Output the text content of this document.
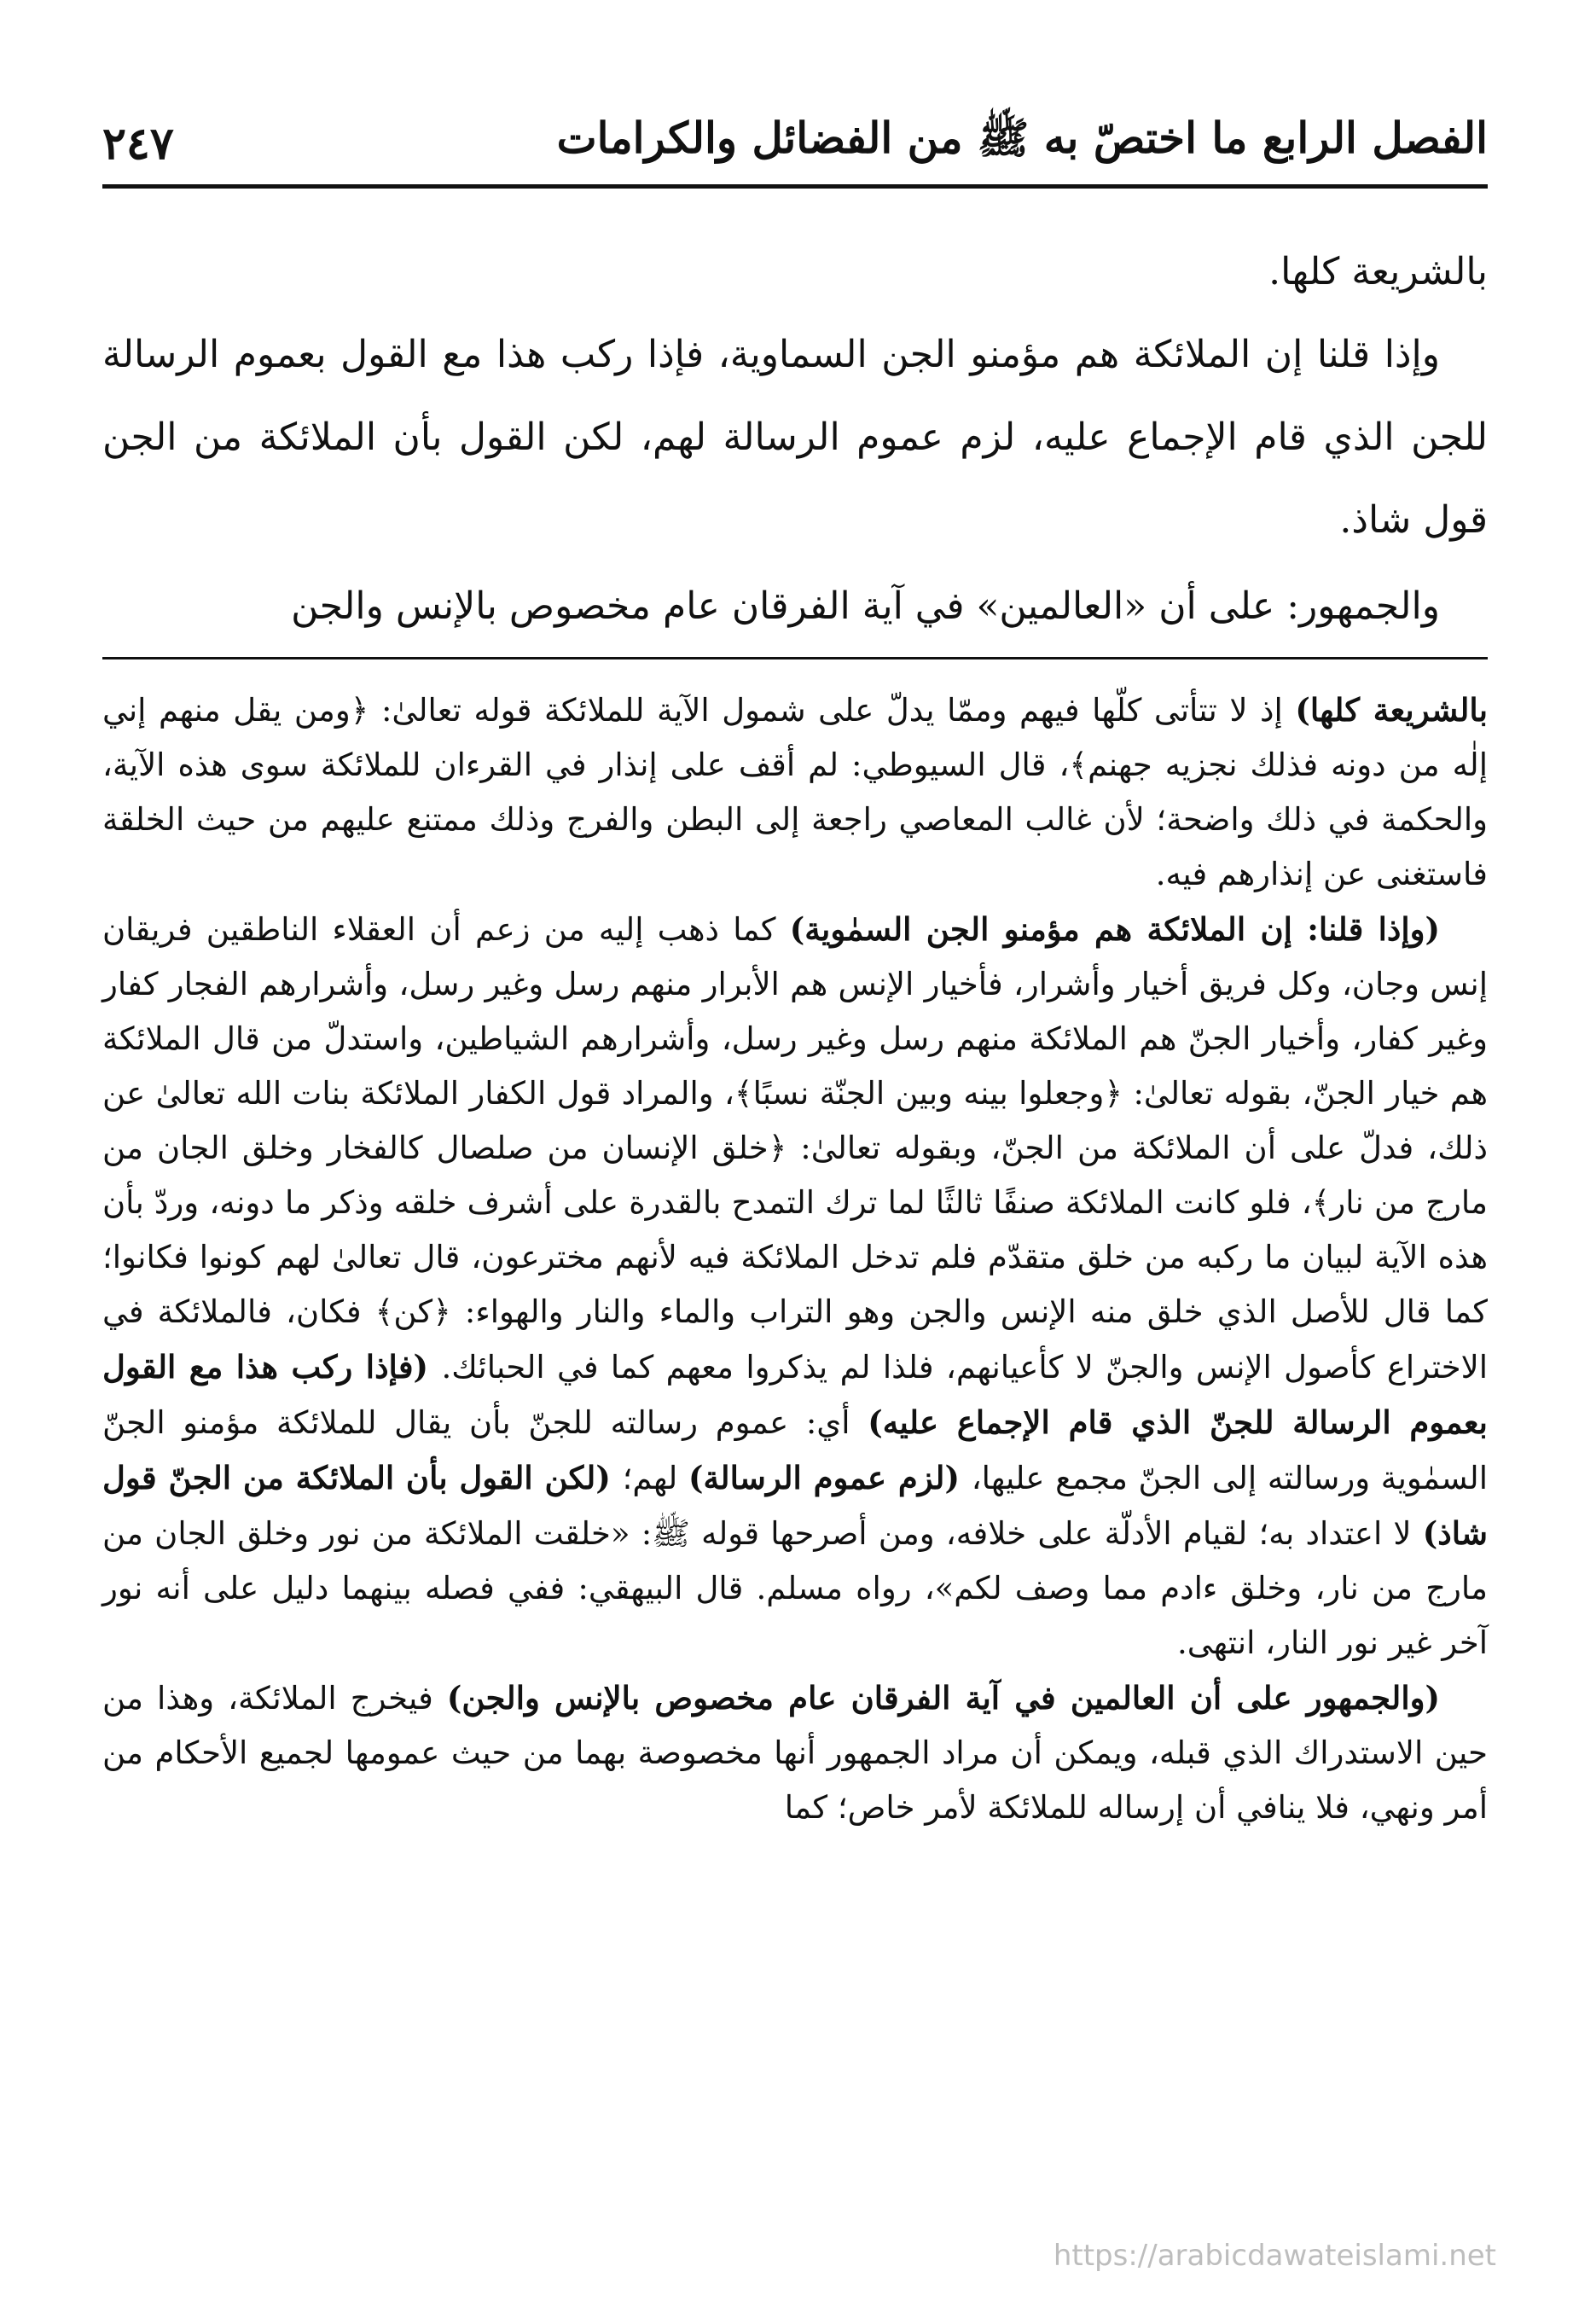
الفصل الرابع ما اختصّ به ﷺ من الفضائل والكرامات
٢٤٧

بالشريعة كلها.

وإذا قلنا إن الملائكة هم مؤمنو الجن السماوية، فإذا ركب هذا مع القول بعموم الرسالة للجن الذي قام الإجماع عليه، لزم عموم الرسالة لهم، لكن القول بأن الملائكة من الجن قول شاذ.

والجمهور: على أن «العالمين» في آية الفرقان عام مخصوص بالإنس والجن

بالشريعة كلها) إذ لا تتأتى كلّها فيهم وممّا يدلّ على شمول الآية للملائكة قوله تعالىٰ: ﴿ومن يقل منهم إني إلٰه من دونه فذلك نجزيه جهنم﴾، قال السيوطي: لم أقف على إنذار في القرءان للملائكة سوى هذه الآية، والحكمة في ذلك واضحة؛ لأن غالب المعاصي راجعة إلى البطن والفرج وذلك ممتنع عليهم من حيث الخلقة فاستغنى عن إنذارهم فيه.

(وإذا قلنا: إن الملائكة هم مؤمنو الجن السمٰوية) كما ذهب إليه من زعم أن العقلاء الناطقين فريقان إنس وجان، وكل فريق أخيار وأشرار، فأخيار الإنس هم الأبرار منهم رسل وغير رسل، وأشرارهم الفجار كفار وغير كفار، وأخيار الجنّ هم الملائكة منهم رسل وغير رسل، وأشرارهم الشياطين، واستدلّ من قال الملائكة هم خيار الجنّ، بقوله تعالىٰ: ﴿وجعلوا بينه وبين الجنّة نسبًا﴾، والمراد قول الكفار الملائكة بنات الله تعالىٰ عن ذلك، فدلّ على أن الملائكة من الجنّ، وبقوله تعالىٰ: ﴿خلق الإنسان من صلصال كالفخار وخلق الجان من مارج من نار﴾، فلو كانت الملائكة صنفًا ثالثًا لما ترك التمدح بالقدرة على أشرف خلقه وذكر ما دونه، وردّ بأن هذه الآية لبيان ما ركبه من خلق متقدّم فلم تدخل الملائكة فيه لأنهم مخترعون، قال تعالىٰ لهم كونوا فكانوا؛ كما قال للأصل الذي خلق منه الإنس والجن وهو التراب والماء والنار والهواء: ﴿كن﴾ فكان، فالملائكة في الاختراع كأصول الإنس والجنّ لا كأعيانهم، فلذا لم يذكروا معهم كما في الحبائك. (فإذا ركب هذا مع القول بعموم الرسالة للجنّ الذي قام الإجماع عليه) أي: عموم رسالته للجنّ بأن يقال للملائكة مؤمنو الجنّ السمٰوية ورسالته إلى الجنّ مجمع عليها، (لزم عموم الرسالة) لهم؛ (لكن القول بأن الملائكة من الجنّ قول شاذ) لا اعتداد به؛ لقيام الأدلّة على خلافه، ومن أصرحها قوله ﷺ: «خلقت الملائكة من نور وخلق الجان من مارج من نار، وخلق ءادم مما وصف لكم»، رواه مسلم. قال البيهقي: ففي فصله بينهما دليل على أنه نور آخر غير نور النار، انتهى.

(والجمهور على أن العالمين في آية الفرقان عام مخصوص بالإنس والجن) فيخرج الملائكة، وهذا من حين الاستدراك الذي قبله، ويمكن أن مراد الجمهور أنها مخصوصة بهما من حيث عمومها لجميع الأحكام من أمر ونهي، فلا ينافي أن إرساله للملائكة لأمر خاص؛ كما

https://arabicdawateislami.net
